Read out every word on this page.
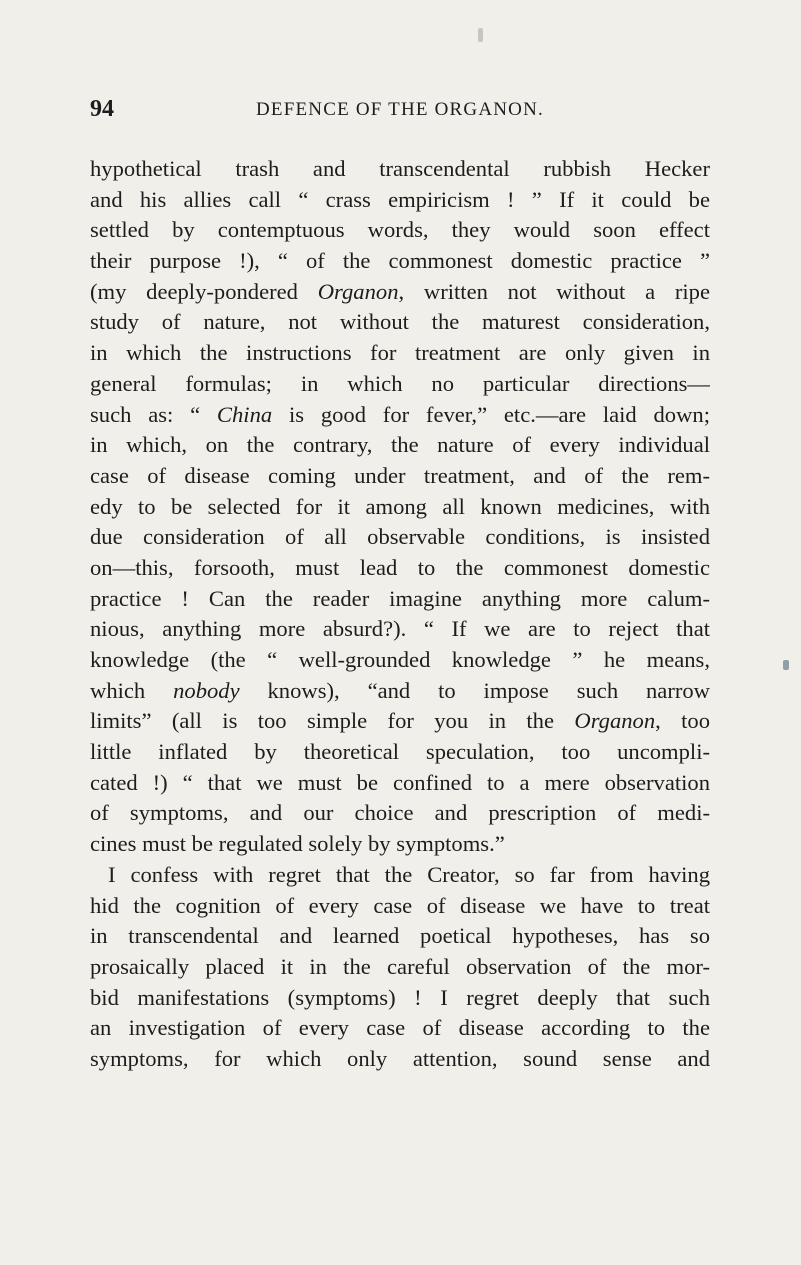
94	DEFENCE OF THE ORGANON.
hypothetical trash and transcendental rubbish Hecker
and his allies call “ crass empiricism ! ” If it could be
settled by contemptuous words, they would soon effect
their purpose !), “ of the commonest domestic practice ”
(my deeply-pondered Organon, written not without a ripe
study of nature, not without the maturest consideration,
in which the instructions for treatment are only given in
general formulas; in which no particular directions—
such as: “ China is good for fever,” etc.—are laid down;
in which, on the contrary, the nature of every individual
case of disease coming under treatment, and of the rem-
edy to be selected for it among all known medicines, with
due consideration of all observable conditions, is insisted
on—this, forsooth, must lead to the commonest domestic
practice ! Can the reader imagine anything more calum-
nious, anything more absurd?). “ If we are to reject that
knowledge (the “ well-grounded knowledge ” he means,
which nobody knows), “and to impose such narrow
limits” (all is too simple for you in the Organon, too
little inflated by theoretical speculation, too uncompli-
cated !) “ that we must be confined to a mere observation
of symptoms, and our choice and prescription of medi-
cines must be regulated solely by symptoms.”
I confess with regret that the Creator, so far from having
hid the cognition of every case of disease we have to treat
in transcendental and learned poetical hypotheses, has so
prosaically placed it in the careful observation of the mor-
bid manifestations (symptoms) ! I regret deeply that such
an investigation of every case of disease according to the
symptoms, for which only attention, sound sense and
